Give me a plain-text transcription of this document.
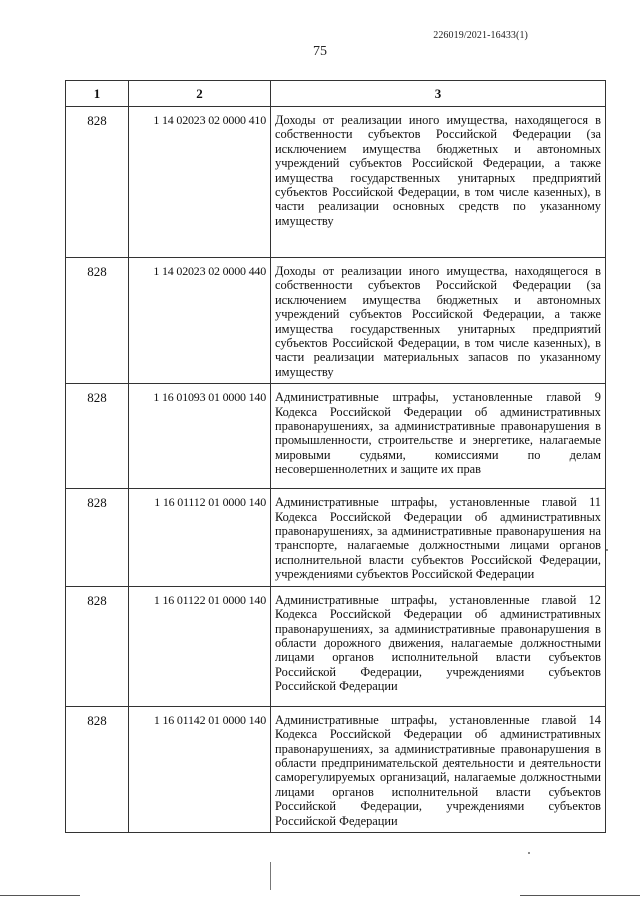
226019/2021-16433(1)
75
1	2	3
828	1 14 02023 02 0000 410	Доходы от реализации иного имущества, находящегося в собственности субъектов Российской Федерации (за исключением имущества бюджетных и автономных учреждений субъектов Российской Федерации, а также имущества государственных унитарных предприятий субъектов Российской Федерации, в том числе казенных), в части реализации основных средств по указанному имуществу
828	1 14 02023 02 0000 440	Доходы от реализации иного имущества, находящегося в собственности субъектов Российской Федерации (за исключением имущества бюджетных и автономных учреждений субъектов Российской Федерации, а также имущества государственных унитарных предприятий субъектов Российской Федерации, в том числе казенных), в части реализации материальных запасов по указанному имуществу
828	1 16 01093 01 0000 140	Административные штрафы, установленные главой 9 Кодекса Российской Федерации об административных правонарушениях, за административные правонарушения в промышленности, строительстве и энергетике, налагаемые мировыми судьями, комиссиями по делам несовершеннолетних и защите их прав
828	1 16 01112 01 0000 140	Административные штрафы, установленные главой 11 Кодекса Российской Федерации об административных правонарушениях, за административные правонарушения на транспорте, налагаемые должностными лицами органов исполнительной власти субъектов Российской Федерации, учреждениями субъектов Российской Федерации
828	1 16 01122 01 0000 140	Административные штрафы, установленные главой 12 Кодекса Российской Федерации об административных правонарушениях, за административные правонарушения в области дорожного движения, налагаемые должностными лицами органов исполнительной власти субъектов Российской Федерации, учреждениями субъектов Российской Федерации
828	1 16 01142 01 0000 140	Административные штрафы, установленные главой 14 Кодекса Российской Федерации об административных правонарушениях, за административные правонарушения в области предпринимательской деятельности и деятельности саморегулируемых организаций, налагаемые должностными лицами органов исполнительной власти субъектов Российской Федерации, учреждениями субъектов Российской Федерации
